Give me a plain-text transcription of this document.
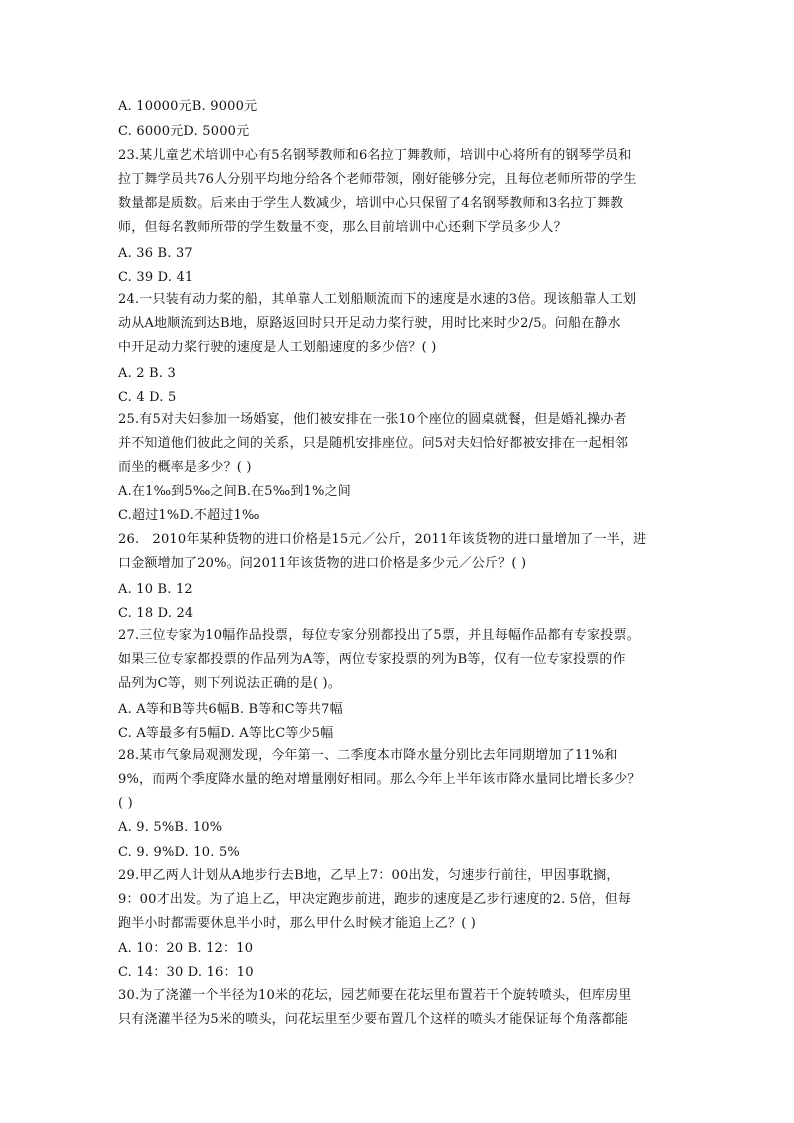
A. 10000元B. 9000元
C. 6000元D. 5000元
23.某儿童艺术培训中心有5名钢琴教师和6名拉丁舞教师，培训中心将所有的钢琴学员和
拉丁舞学员共76人分别平均地分给各个老师带领，刚好能够分完，且每位老师所带的学生
数量都是质数。后来由于学生人数减少，培训中心只保留了4名钢琴教师和3名拉丁舞教
师，但每名教师所带的学生数量不变，那么目前培训中心还剩下学员多少人？
A. 36 B. 37
C. 39 D. 41
24.一只装有动力桨的船，其单靠人工划船顺流而下的速度是水速的3倍。现该船靠人工划
动从A地顺流到达B地，原路返回时只开足动力桨行驶，用时比来时少2/5。问船在静水
中开足动力桨行驶的速度是人工划船速度的多少倍？( )
A. 2 B. 3
C. 4 D. 5
25.有5对夫妇参加一场婚宴，他们被安排在一张10个座位的圆桌就餐，但是婚礼操办者
并不知道他们彼此之间的关系，只是随机安排座位。问5对夫妇恰好都被安排在一起相邻
而坐的概率是多少？( )
A.在1‰到5‰之间B.在5‰到1%之间
C.超过1%D.不超过1‰
26.　2010年某种货物的进口价格是15元／公斤，2011年该货物的进口量增加了一半，进
口金额增加了20%。问2011年该货物的进口价格是多少元／公斤？( )
A. 10 B. 12
C. 18 D. 24
27.三位专家为10幅作品投票，每位专家分别都投出了5票，并且每幅作品都有专家投票。
如果三位专家都投票的作品列为A等，两位专家投票的列为B等，仅有一位专家投票的作
品列为C等，则下列说法正确的是( )。
A. A等和B等共6幅B. B等和C等共7幅
C. A等最多有5幅D. A等比C等少5幅
28.某市气象局观测发现，今年第一、二季度本市降水量分别比去年同期增加了11%和
9%，而两个季度降水量的绝对增量刚好相同。那么今年上半年该市降水量同比增长多少？
( )
A. 9. 5%B. 10%
C. 9. 9%D. 10. 5%
29.甲乙两人计划从A地步行去B地，乙早上7：00出发，匀速步行前往，甲因事耽搁，
9：00才出发。为了追上乙，甲决定跑步前进，跑步的速度是乙步行速度的2. 5倍，但每
跑半小时都需要休息半小时，那么甲什么时候才能追上乙？( )
A. 10：20 B. 12：10
C. 14：30 D. 16：10
30.为了浇灌一个半径为10米的花坛，园艺师要在花坛里布置若干个旋转喷头，但库房里
只有浇灌半径为5米的喷头，问花坛里至少要布置几个这样的喷头才能保证每个角落都能
